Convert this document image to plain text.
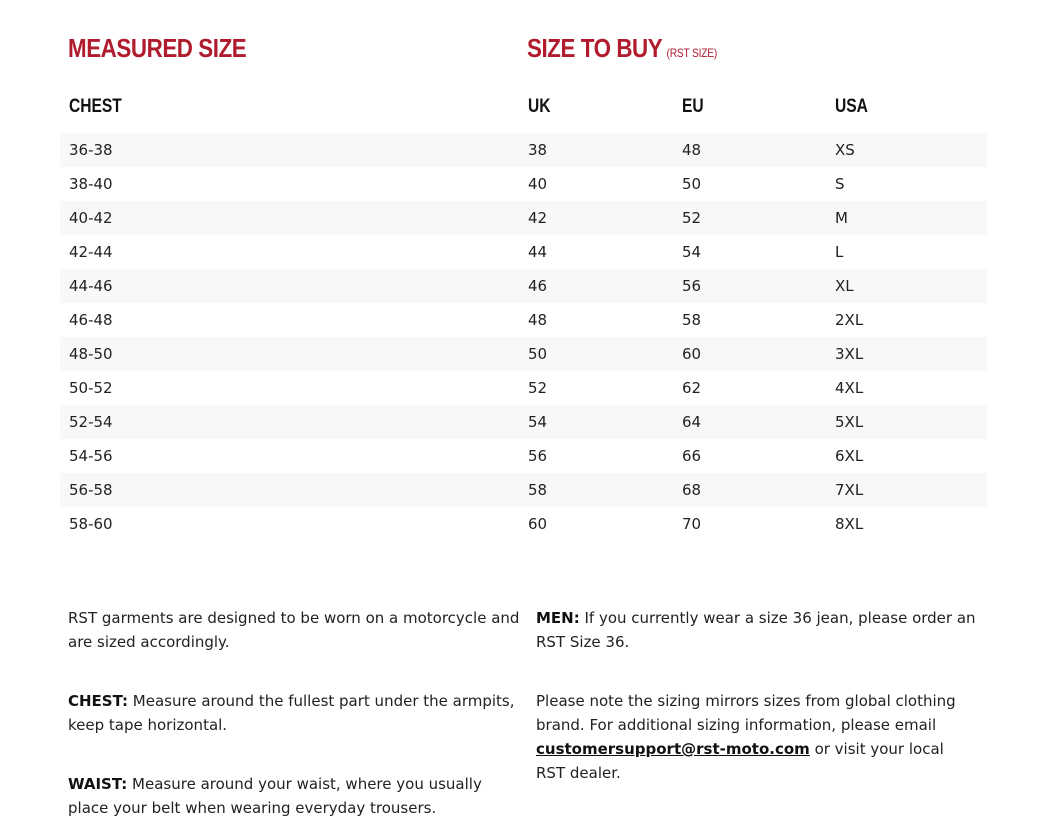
MEASURED SIZE	SIZE TO BUY (RST SIZE)
CHEST	UK	EU	USA
36-38	38	48	XS
38-40	40	50	S
40-42	42	52	M
42-44	44	54	L
44-46	46	56	XL
46-48	48	58	2XL
48-50	50	60	3XL
50-52	52	62	4XL
52-54	54	64	5XL
54-56	56	66	6XL
56-58	58	68	7XL
58-60	60	70	8XL
RST garments are designed to be worn on a motorcycle and are sized accordingly.
CHEST: Measure around the fullest part under the armpits, keep tape horizontal.
WAIST: Measure around your waist, where you usually place your belt when wearing everyday trousers.
MEN: If you currently wear a size 36 jean, please order an RST Size 36.
Please note the sizing mirrors sizes from global clothing brand. For additional sizing information, please email customersupport@rst-moto.com or visit your local RST dealer.
